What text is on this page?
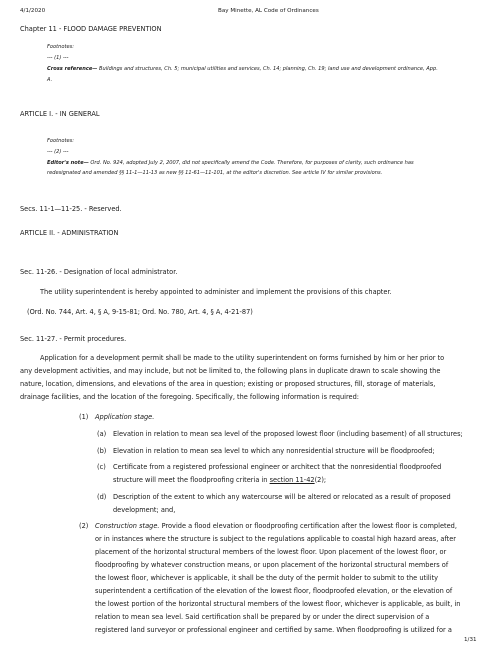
4/1/2020	Bay Minette, AL Code of Ordinances
Chapter 11 - FLOOD DAMAGE PREVENTION
Footnotes:
--- (1) ---
Cross reference— Buildings and structures, Ch. 5; municipal utilities and services, Ch. 14; planning, Ch. 19; land use and development ordinance, App.
A.
ARTICLE I. - IN GENERAL
Footnotes:
--- (2) ---
Editor's note— Ord. No. 924, adopted July 2, 2007, did not specifically amend the Code. Therefore, for purposes of clarity, such ordinance has
redesignated and amended §§ 11-1—11-13 as new §§ 11-61—11-101, at the editor's discretion. See article IV for similar provisions.
Secs. 11-1—11-25. - Reserved.
ARTICLE II. - ADMINISTRATION
Sec. 11-26. - Designation of local administrator.
The utility superintendent is hereby appointed to administer and implement the provisions of this chapter.
(Ord. No. 744, Art. 4, § A, 9-15-81; Ord. No. 780, Art. 4, § A, 4-21-87)
Sec. 11-27. - Permit procedures.
Application for a development permit shall be made to the utility superintendent on forms furnished by him or her prior to
any development activities, and may include, but not be limited to, the following plans in duplicate drawn to scale showing the
nature, location, dimensions, and elevations of the area in question; existing or proposed structures, fill, storage of materials,
drainage facilities, and the location of the foregoing. Specifically, the following information is required:
(1) Application stage.
(a) Elevation in relation to mean sea level of the proposed lowest floor (including basement) of all structures;
(b) Elevation in relation to mean sea level to which any nonresidential structure will be floodproofed;
(c) Certificate from a registered professional engineer or architect that the nonresidential floodproofed
structure will meet the floodproofing criteria in section 11-42(2);
(d) Description of the extent to which any watercourse will be altered or relocated as a result of proposed
development; and,
(2) Construction stage. Provide a flood elevation or floodproofing certification after the lowest floor is completed,
or in instances where the structure is subject to the regulations applicable to coastal high hazard areas, after
placement of the horizontal structural members of the lowest floor. Upon placement of the lowest floor, or
floodproofing by whatever construction means, or upon placement of the horizontal structural members of
the lowest floor, whichever is applicable, it shall be the duty of the permit holder to submit to the utility
superintendent a certification of the elevation of the lowest floor, floodproofed elevation, or the elevation of
the lowest portion of the horizontal structural members of the lowest floor, whichever is applicable, as built, in
relation to mean sea level. Said certification shall be prepared by or under the direct supervision of a
registered land surveyor or professional engineer and certified by same. When floodproofing is utilized for a
1/31
